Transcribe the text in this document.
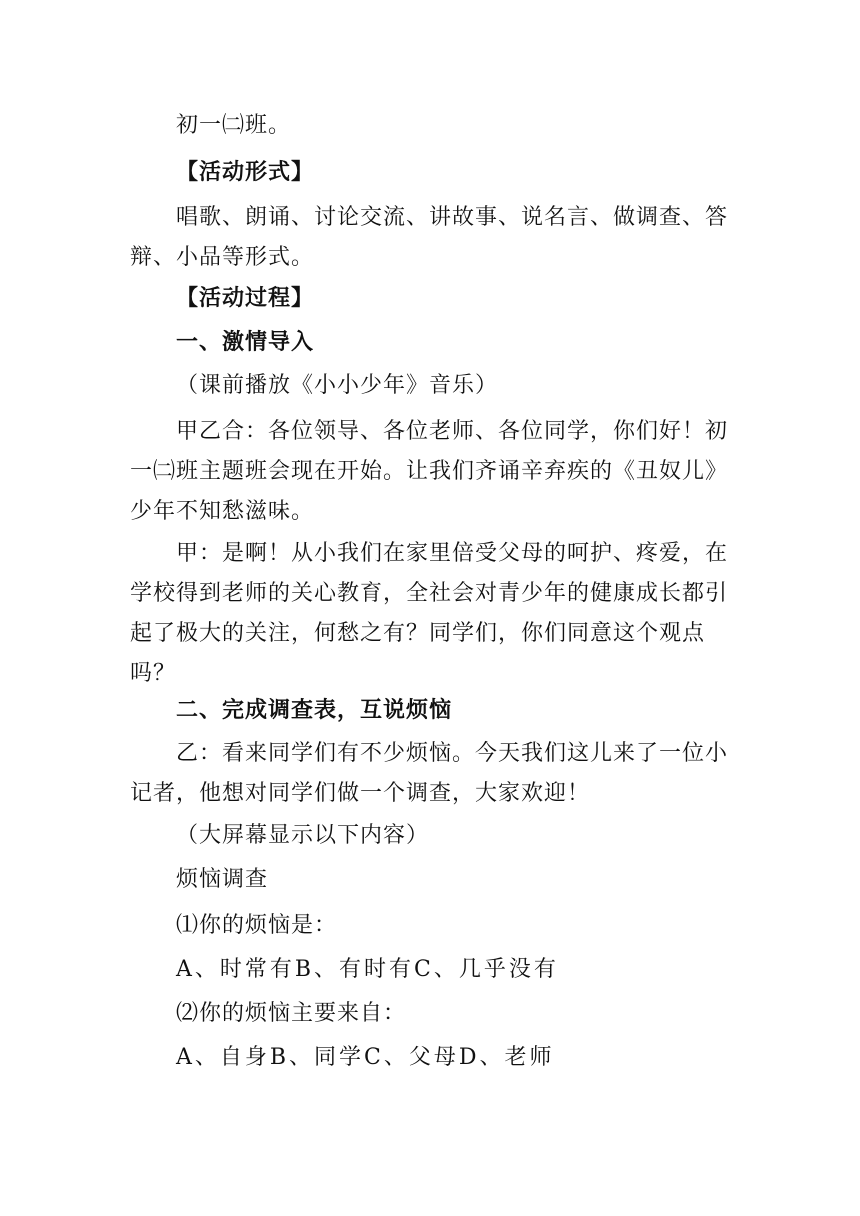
初一㈡班。

【活动形式】

唱歌、朗诵、讨论交流、讲故事、说名言、做调查、答辩、小品等形式。

【活动过程】

一、激情导入

（课前播放《小小少年》音乐）

甲乙合：各位领导、各位老师、各位同学，你们好！初一㈡班主题班会现在开始。让我们齐诵辛弃疾的《丑奴儿》少年不知愁滋味。

甲：是啊！从小我们在家里倍受父母的呵护、疼爱，在学校得到老师的关心教育，全社会对青少年的健康成长都引起了极大的关注，何愁之有？同学们，你们同意这个观点吗？

二、完成调查表，互说烦恼

乙：看来同学们有不少烦恼。今天我们这儿来了一位小记者，他想对同学们做一个调查，大家欢迎！

（大屏幕显示以下内容）

烦恼调查

⑴你的烦恼是：

A、时常有B、有时有C、几乎没有

⑵你的烦恼主要来自：

A、自身B、同学C、父母D、老师
